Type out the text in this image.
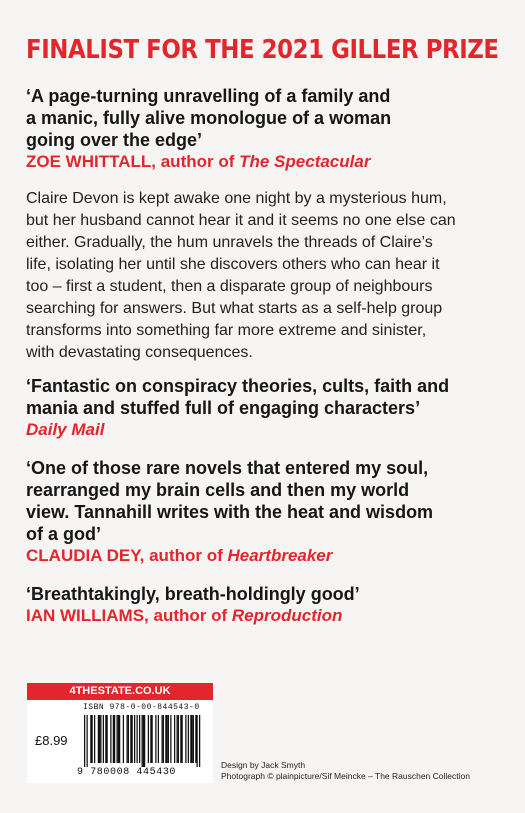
FINALIST FOR THE 2021 GILLER PRIZE
‘A page-turning unravelling of a family and
a manic, fully alive monologue of a woman
going over the edge’
ZOE WHITTALL, author of The Spectacular
Claire Devon is kept awake one night by a mysterious hum,
but her husband cannot hear it and it seems no one else can
either. Gradually, the hum unravels the threads of Claire’s
life, isolating her until she discovers others who can hear it
too – first a student, then a disparate group of neighbours
searching for answers. But what starts as a self-help group
transforms into something far more extreme and sinister,
with devastating consequences.
‘Fantastic on conspiracy theories, cults, faith and
mania and stuffed full of engaging characters’
Daily Mail
‘One of those rare novels that entered my soul,
rearranged my brain cells and then my world
view. Tannahill writes with the heat and wisdom
of a god’
CLAUDIA DEY, author of Heartbreaker
‘Breathtakingly, breath-holdingly good’
IAN WILLIAMS, author of Reproduction
4THESTATE.CO.UK
ISBN 978-0-00-844543-0
£8.99
9 780008 445430
Design by Jack Smyth
Photograph © plainpicture/Sif Meincke – The Rauschen Collection
